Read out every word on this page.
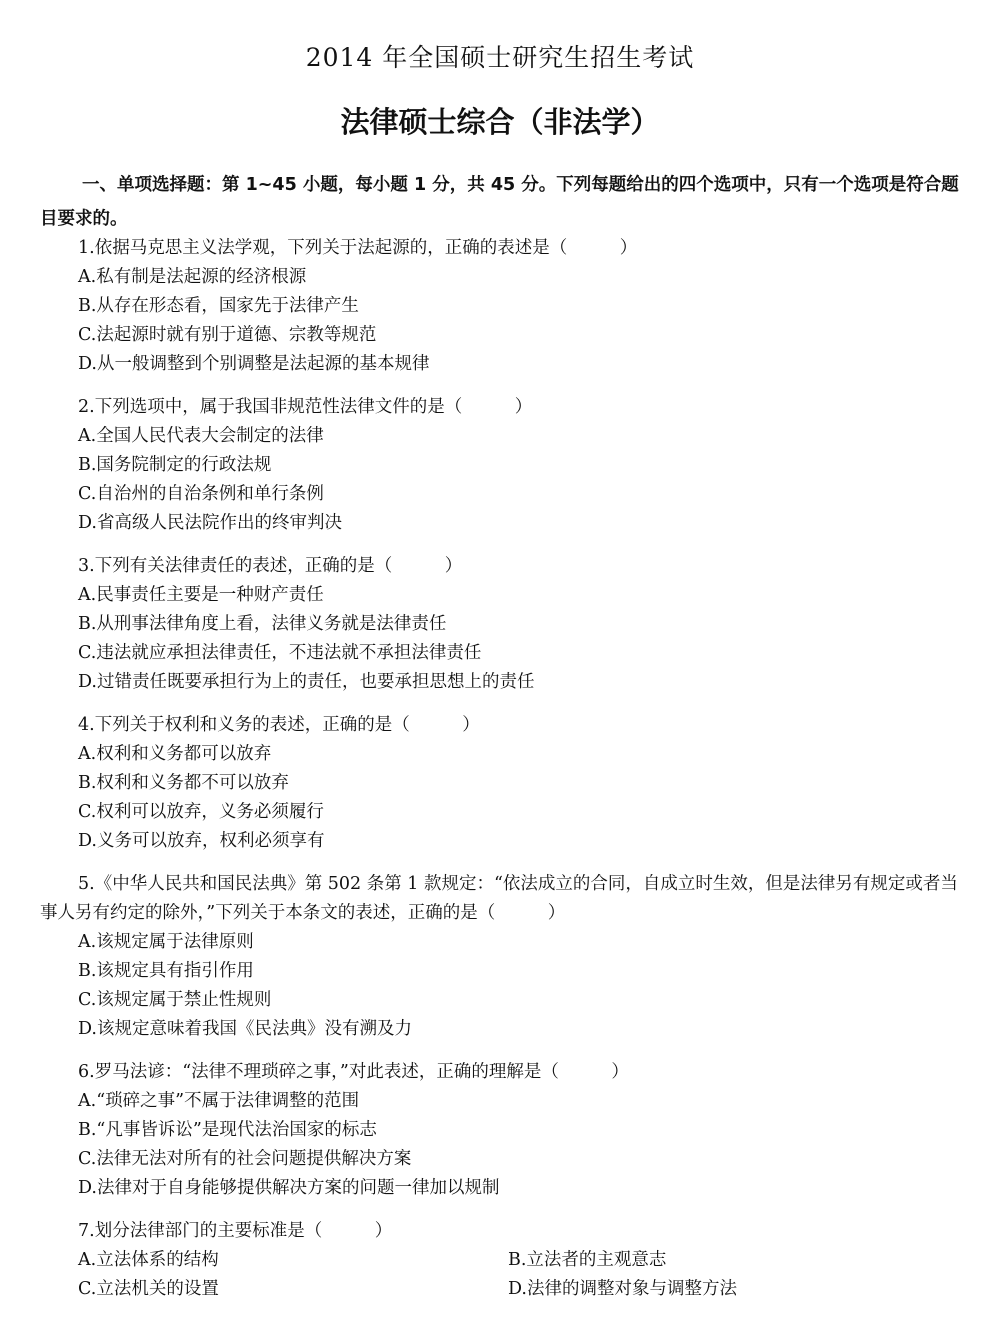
2014 年全国硕士研究生招生考试
法律硕士综合（非法学）

一、单项选择题：第 1~45 小题，每小题 1 分，共 45 分。下列每题给出的四个选项中，只有一个选项是符合题目要求的。

1.依据马克思主义法学观，下列关于法起源的，正确的表述是（　　　）
A.私有制是法起源的经济根源
B.从存在形态看，国家先于法律产生
C.法起源时就有别于道德、宗教等规范
D.从一般调整到个别调整是法起源的基本规律
2.下列选项中，属于我国非规范性法律文件的是（　　　）
A.全国人民代表大会制定的法律
B.国务院制定的行政法规
C.自治州的自治条例和单行条例
D.省高级人民法院作出的终审判决
3.下列有关法律责任的表述，正确的是（　　　）
A.民事责任主要是一种财产责任
B.从刑事法律角度上看，法律义务就是法律责任
C.违法就应承担法律责任，不违法就不承担法律责任
D.过错责任既要承担行为上的责任，也要承担思想上的责任
4.下列关于权利和义务的表述，正确的是（　　　）
A.权利和义务都可以放弃
B.权利和义务都不可以放弃
C.权利可以放弃，义务必须履行
D.义务可以放弃，权利必须享有
5.《中华人民共和国民法典》第 502 条第 1 款规定：“依法成立的合同，自成立时生效，但是法律另有规定或者当事人另有约定的除外，”下列关于本条文的表述，正确的是（　　　）
A.该规定属于法律原则
B.该规定具有指引作用
C.该规定属于禁止性规则
D.该规定意味着我国《民法典》没有溯及力
6.罗马法谚：“法律不理琐碎之事，”对此表述，正确的理解是（　　　）
A.“琐碎之事”不属于法律调整的范围
B.“凡事皆诉讼”是现代法治国家的标志
C.法律无法对所有的社会问题提供解决方案
D.法律对于自身能够提供解决方案的问题一律加以规制
7.划分法律部门的主要标准是（　　　）
A.立法体系的结构	B.立法者的主观意志
C.立法机关的设置	D.法律的调整对象与调整方法
